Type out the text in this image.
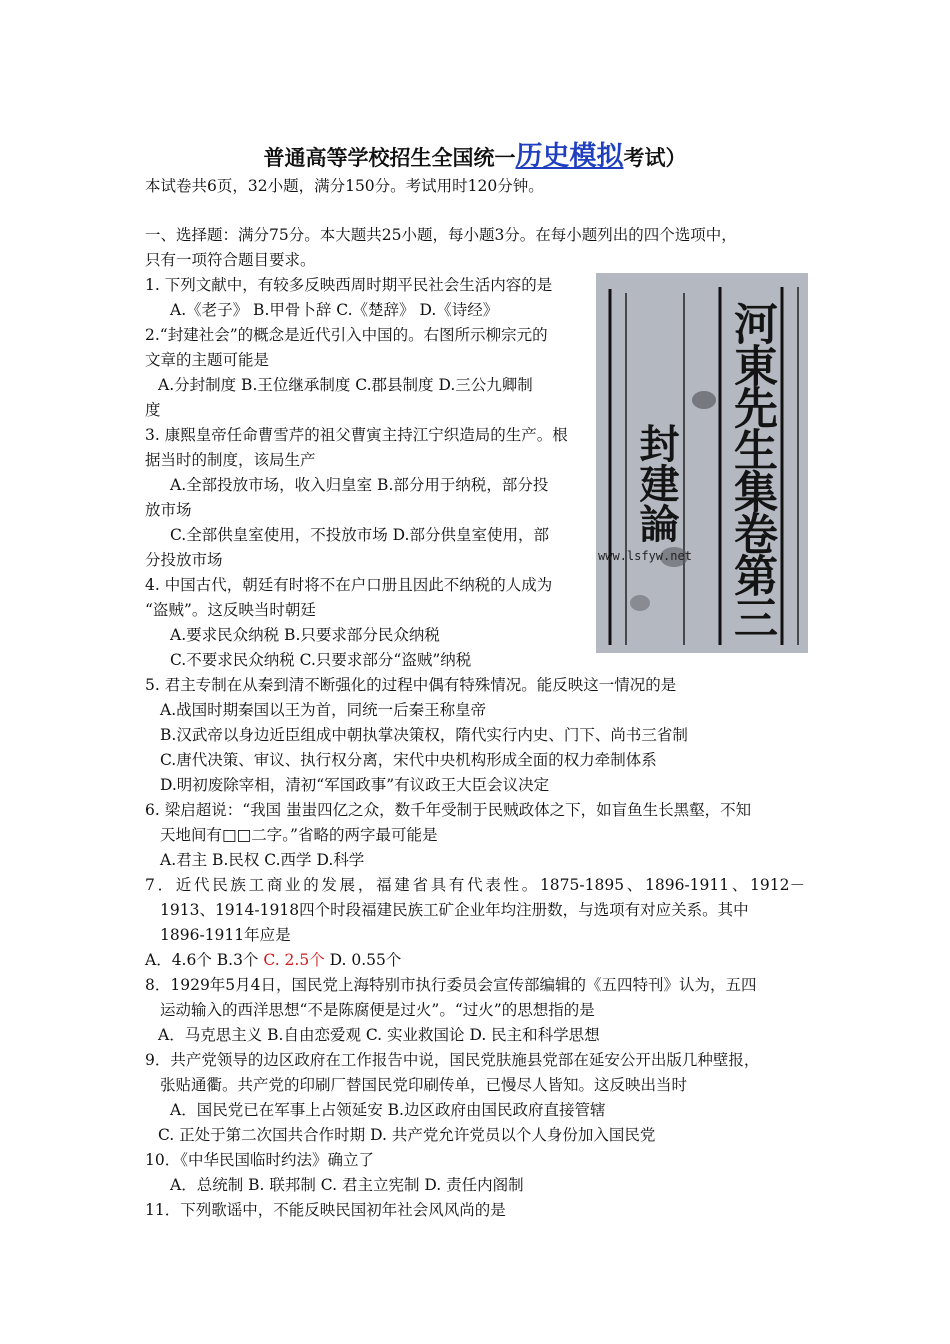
普通高等学校招生全国统一历史模拟考试）
本试卷共6页，32小题，满分150分。考试用时120分钟。
一、选择题：满分75分。本大题共25小题，每小题3分。在每小题列出的四个选项中，
只有一项符合题目要求。
河東先生集卷第三
封建論
www.lsfyw.net
1. 下列文献中，有较多反映西周时期平民社会生活内容的是
A.《老子》 B.甲骨卜辞 C.《楚辞》 D.《诗经》
2.“封建社会”的概念是近代引入中国的。右图所示柳宗元的
文章的主题可能是
A.分封制度 B.王位继承制度 C.郡县制度 D.三公九卿制
度
3. 康熙皇帝任命曹雪芹的祖父曹寅主持江宁织造局的生产。根
据当时的制度，该局生产
A.全部投放市场，收入归皇室 B.部分用于纳税，部分投
放市场
C.全部供皇室使用，不投放市场 D.部分供皇室使用，部
分投放市场
4. 中国古代，朝廷有时将不在户口册且因此不纳税的人成为
“盗贼”。这反映当时朝廷
A.要求民众纳税 B.只要求部分民众纳税
C.不要求民众纳税 C.只要求部分“盗贼”纳税
5. 君主专制在从秦到清不断强化的过程中偶有特殊情况。能反映这一情况的是
A.战国时期秦国以王为首，同统一后秦王称皇帝
B.汉武帝以身边近臣组成中朝执掌决策权，隋代实行内史、门下、尚书三省制
C.唐代决策、审议、执行权分离，宋代中央机构形成全面的权力牵制体系
D.明初废除宰相，清初“军国政事”有议政王大臣会议决定
6. 梁启超说：“我国 蚩蚩四亿之众，数千年受制于民贼政体之下，如盲鱼生长黑壑，不知
天地间有□□二字。”省略的两字最可能是
A.君主 B.民权 C.西学 D.科学
7．近代民族工商业的发展，福建省具有代表性。1875-1895、1896-1911、1912－
1913、1914-1918四个时段福建民族工矿企业年均注册数，与选项有对应关系。其中
1896-1911年应是
A．4.6个 B.3个 C. 2.5个 D. 0.55个
8．1929年5月4日，国民党上海特别市执行委员会宣传部编辑的《五四特刊》认为，五四
运动输入的西洋思想“不是陈腐便是过火”。“过火”的思想指的是
A．马克思主义 B.自由恋爱观 C. 实业救国论 D. 民主和科学思想
9．共产党领导的边区政府在工作报告中说，国民党肤施县党部在延安公开出版几种壁报，
张贴通衢。共产党的印刷厂替国民党印刷传单，已慢尽人皆知。这反映出当时
A．国民党已在军事上占领延安 B.边区政府由国民政府直接管辖
C. 正处于第二次国共合作时期 D. 共产党允许党员以个人身份加入国民党
10．《中华民国临时约法》确立了
A．总统制 B. 联邦制 C. 君主立宪制 D. 责任内阁制
11．下列歌谣中，不能反映民国初年社会风风尚的是
